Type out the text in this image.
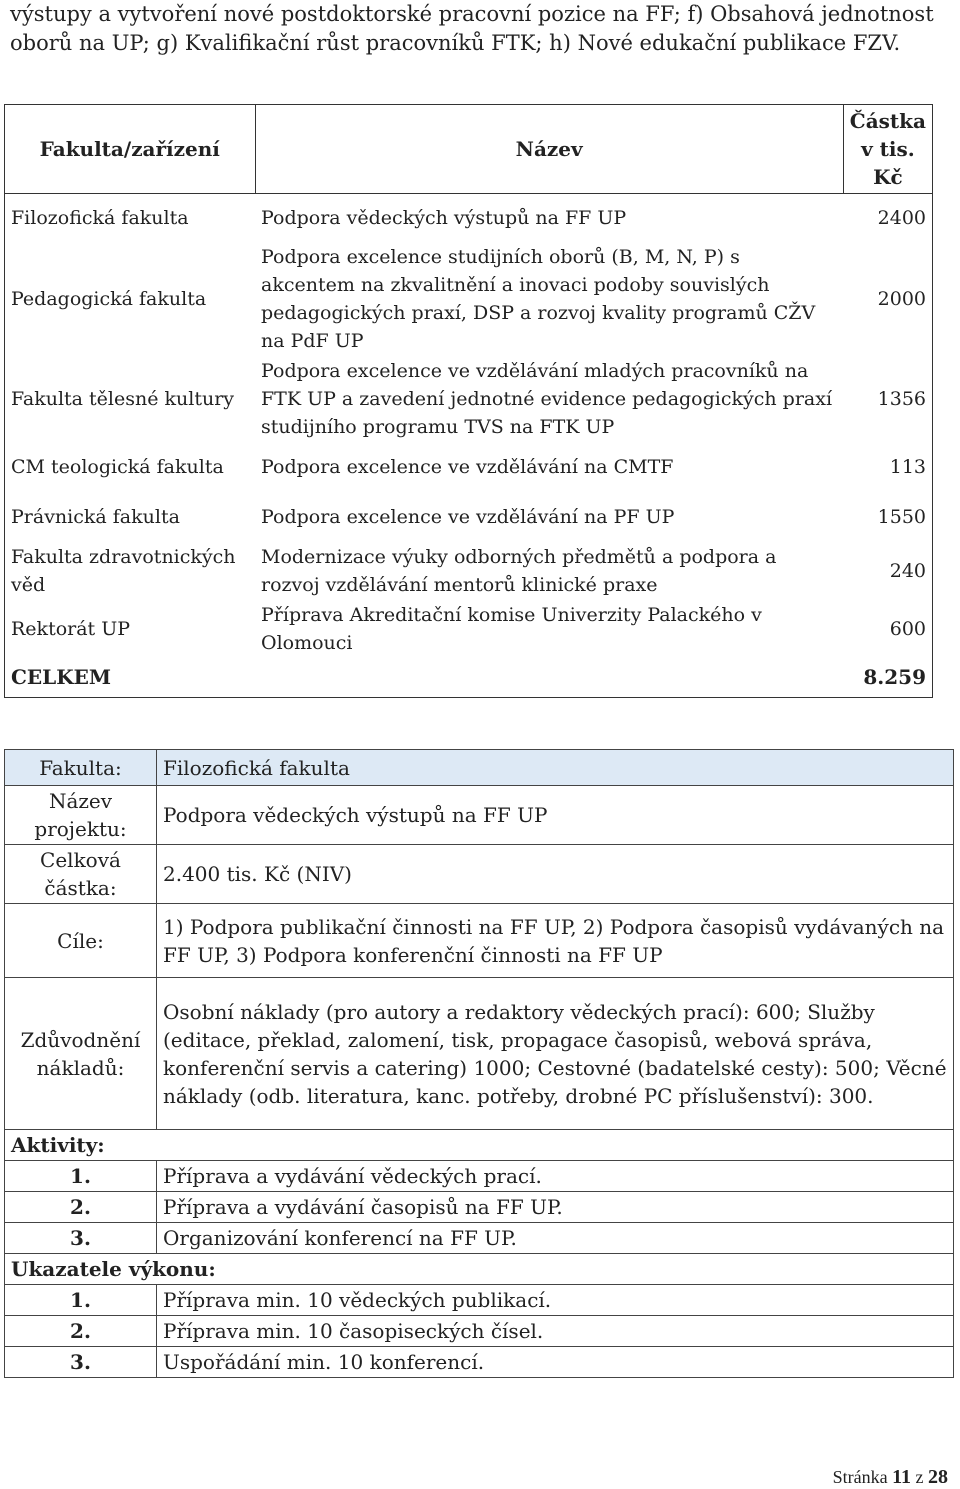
výstupy a vytvoření nové postdoktorské pracovní pozice na FF; f) Obsahová jednotnost oborů na UP; g) Kvalifikační růst pracovníků FTK; h) Nové edukační publikace FZV.
Fakulta/zařízení	Název	Částka v tis. Kč
Filozofická fakulta	Podpora vědeckých výstupů na FF UP	2400
Pedagogická fakulta	Podpora excelence studijních oborů (B, M, N, P) s akcentem na zkvalitnění a inovaci podoby souvislých pedagogických praxí, DSP a rozvoj kvality programů CŽV na PdF UP	2000
Fakulta tělesné kultury	Podpora excelence ve vzdělávání mladých pracovníků na FTK UP a zavedení jednotné evidence pedagogických praxí studijního programu TVS na FTK UP	1356
CM teologická fakulta	Podpora excelence ve vzdělávání na CMTF	113
Právnická fakulta	Podpora excelence ve vzdělávání na PF UP	1550
Fakulta zdravotnických věd	Modernizace výuky odborných předmětů a podpora a rozvoj vzdělávání mentorů klinické praxe	240
Rektorát UP	Příprava Akreditační komise Univerzity Palackého v Olomouci	600
CELKEM		8.259
Fakulta:	Filozofická fakulta
Název projektu:	Podpora vědeckých výstupů na FF UP
Celková částka:	2.400 tis. Kč (NIV)
Cíle:	1) Podpora publikační činnosti na FF UP, 2) Podpora časopisů vydávaných na FF UP, 3) Podpora konferenční činnosti na FF UP
Zdůvodnění nákladů:	Osobní náklady (pro autory a redaktory vědeckých prací): 600; Služby (editace, překlad, zalomení, tisk, propagace časopisů, webová správa, konferenční servis a catering) 1000; Cestovné (badatelské cesty): 500; Věcné náklady (odb. literatura, kanc. potřeby, drobné PC příslušenství): 300.
Aktivity:	
1.	Příprava a vydávání vědeckých prací.
2.	Příprava a vydávání časopisů na FF UP.
3.	Organizování konferencí na FF UP.
Ukazatele výkonu:	
1.	Příprava min. 10 vědeckých publikací.
2.	Příprava min. 10 časopiseckých čísel.
3.	Uspořádání min. 10 konferencí.
Stránka 11 z 28
